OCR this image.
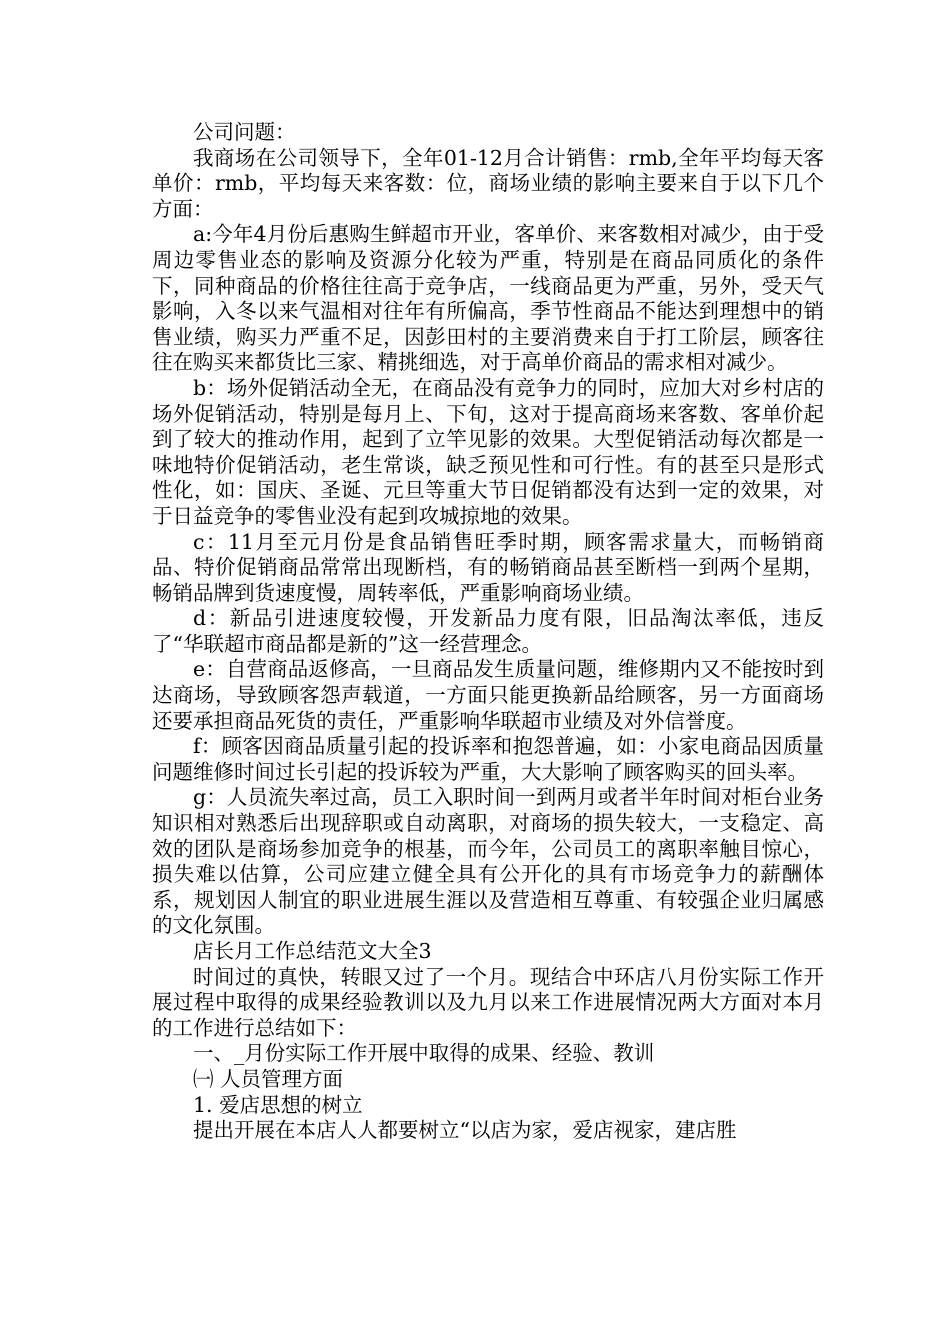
公司问题：

我商场在公司领导下，全年01-12月合计销售：rmb,全年平均每天客单价：rmb，平均每天来客数：位，商场业绩的影响主要来自于以下几个方面：

a:今年4月份后惠购生鲜超市开业，客单价、来客数相对减少，由于受周边零售业态的影响及资源分化较为严重，特别是在商品同质化的条件下，同种商品的价格往往高于竞争店，一线商品更为严重，另外，受天气影响，入冬以来气温相对往年有所偏高，季节性商品不能达到理想中的销售业绩，购买力严重不足，因彭田村的主要消费来自于打工阶层，顾客往往在购买来都货比三家、精挑细选，对于高单价商品的需求相对减少。

b：场外促销活动全无，在商品没有竞争力的同时，应加大对乡村店的场外促销活动，特别是每月上、下旬，这对于提高商场来客数、客单价起到了较大的推动作用，起到了立竿见影的效果。大型促销活动每次都是一味地特价促销活动，老生常谈，缺乏预见性和可行性。有的甚至只是形式性化，如：国庆、圣诞、元旦等重大节日促销都没有达到一定的效果，对于日益竞争的零售业没有起到攻城掠地的效果。

c：11月至元月份是食品销售旺季时期，顾客需求量大，而畅销商品、特价促销商品常常出现断档，有的畅销商品甚至断档一到两个星期，畅销品牌到货速度慢，周转率低，严重影响商场业绩。

d：新品引进速度较慢，开发新品力度有限，旧品淘汰率低，违反了“华联超市商品都是新的”这一经营理念。

e：自营商品返修高，一旦商品发生质量问题，维修期内又不能按时到达商场，导致顾客怨声载道，一方面只能更换新品给顾客，另一方面商场还要承担商品死货的责任，严重影响华联超市业绩及对外信誉度。

f：顾客因商品质量引起的投诉率和抱怨普遍，如：小家电商品因质量问题维修时间过长引起的投诉较为严重，大大影响了顾客购买的回头率。

g：人员流失率过高，员工入职时间一到两月或者半年时间对柜台业务知识相对熟悉后出现辞职或自动离职，对商场的损失较大，一支稳定、高效的团队是商场参加竞争的根基，而今年，公司员工的离职率触目惊心，损失难以估算，公司应建立健全具有公开化的具有市场竞争力的薪酬体系，规划因人制宜的职业进展生涯以及营造相互尊重、有较强企业归属感的文化氛围。

店长月工作总结范文大全3

时间过的真快，转眼又过了一个月。现结合中环店八月份实际工作开展过程中取得的成果经验教训以及九月以来工作进展情况两大方面对本月的工作进行总结如下：

一、_月份实际工作开展中取得的成果、经验、教训

㈠ 人员管理方面

1. 爱店思想的树立

提出开展在本店人人都要树立“以店为家，爱店视家，建店胜
